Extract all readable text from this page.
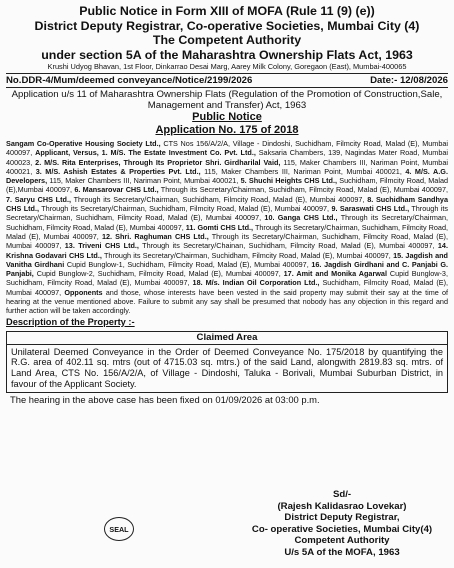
Public Notice in Form XIII of MOFA (Rule 11 (9) (e))
District Deputy Registrar, Co-operative Societies, Mumbai City (4)
The Competent Authority
under section 5A of the Maharashtra Ownership Flats Act, 1963
Krushi Udyog Bhavan, 1st Floor, Dinkarrao Desai Marg, Aarey Milk Colony, Goregaon (East), Mumbai-400065
No.DDR-4/Mum/deemed conveyance/Notice/2199/2026	Date:- 12/08/2026
Application u/s 11 of Maharashtra Ownership Flats (Regulation of the Promotion of Construction,Sale, Management and Transfer) Act, 1963
Public Notice
Application No. 175 of 2018
Sangam Co-Operative Housing Society Ltd., CTS Nos 156/A/2/A, Village - Dindoshi, Suchidham, Filmcity Road, Malad (E), Mumbai 400097, Applicant, Versus, 1. M/S. The Estate Investment Co. Pvt. Ltd., Saksaria Chambers, 139, Nagindas Mater Road, Mumbai 400023, 2. M/S. Rita Enterprises, Through Its Proprietor Shri. Girdharilal Vaid, 115, Maker Chambers III, Nariman Point, Mumbai 400021, 3. M/S. Ashish Estates & Properties Pvt. Ltd., 115, Maker Chambers III, Nariman Point, Mumbai 400021, 4. M/S. A.G. Developers, 115, Maker Chambers III, Nariman Point, Mumbai 400021, 5. Shuchi Heights CHS Ltd., Suchidham, Filmcity Road, Malad (E),Mumbai 400097, 6. Mansarovar CHS Ltd., Through its Secretary/Chairman, Suchidham, Filmcity Road, Malad (E), Mumbai 400097, 7. Saryu CHS Ltd., Through its Secretary/Chairman, Suchidham, Filmcity Road, Malad (E), Mumbai 400097, 8. Suchidham Sandhya CHS Ltd., Through its Secretary/Chairman, Suchidham, Filmcity Road, Malad (E), Mumbai 400097, 9. Saraswati CHS Ltd., Through its Secretary/Chairman, Suchidham, Filmcity Road, Malad (E), Mumbai 400097, 10. Ganga CHS Ltd., Through its Secretary/Chairman, Suchidham, Filmcity Road, Malad (E), Mumbai 400097, 11. Gomti CHS Ltd., Through its Secretary/Chairman, Suchidham, Filmcity Road, Malad (E), Mumbai 400097, 12. Shri. Raghuman CHS Ltd., Through its Secretary/Chairman, Suchidham, Filmcity Road, Malad (E), Mumbai 400097, 13. Triveni CHS Ltd., Through its Secretary/Chainan, Suchidham, Filmcity Road, Malad (E), Mumbai 400097, 14. Krishna Godavari CHS Ltd., Through its Secretary/Chairman, Suchidham, Filmcity Road, Malad (E), Mumbai 400097, 15. Jagdish and Vanitha Girdhani Cupid Bunglow-1, Suchidham, Filmcity Road, Malad (E), Mumbai 400097, 16. Jagdish Girdhani and C. Panjabi G. Panjabi, Cupid Bunglow-2, Suchidham, Filmcity Road, Malad (E), Mumbai 400097, 17. Amit and Monika Agarwal Cupid Bunglow-3, Suchidham, Filmcity Road, Malad (E), Mumbai 400097, 18. M/s. Indian Oil Corporation Ltd., Suchidham, Filmcity Road, Malad (E), Mumbai 400097, Opponents and those, whose interests have been vested in the said property may submit their say at the time of hearing at the venue mentioned above. Failure to submit any say shall be presumed that nobody has any objection in this regard and further action will be taken accordingly.
Description of the Property :-
Claimed Area
Unilateral Deemed Conveyance in the Order of Deemed Conveyance No. 175/2018 by quantifying the R.G. area of 402.11 sq. mtrs (out of 4715.03 sq. mtrs.) of the said Land, alongwith 2819.83 sq. mtrs. of Land Area, CTS No. 156/A/2/A, of Village - Dindoshi, Taluka - Borivali, Mumbai Suburban District, in favour of the Applicant Society.
The hearing in the above case has been fixed on 01/09/2026 at 03:00 p.m.
Sd/-
(Rajesh Kalidasrao Lovekar)
District Deputy Registrar,
Co- operative Societies, Mumbai City(4)
Competent Authority
U/s 5A of the MOFA, 1963
SEAL
